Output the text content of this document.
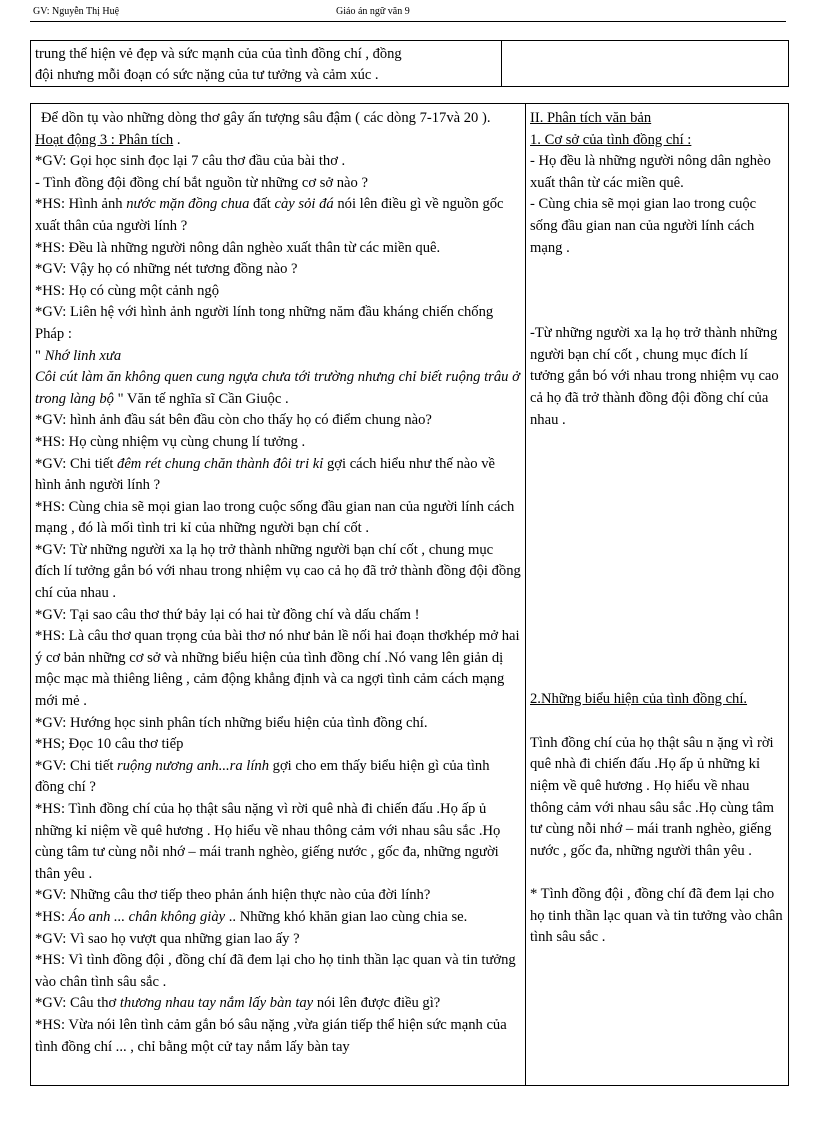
GV: Nguyễn Thị Huệ	Giáo án ngữ văn 9

trung thể hiện vẻ đẹp và sức mạnh của của tình đồng chí , đồng

đội nhưng mỗi đoạn có sức nặng của tư tưởng và cảm xúc .

Để dồn tụ vào những dòng thơ gây ấn tượng sâu đậm ( các dòng 7-17và 20 ).

Hoạt động 3 : Phân tích .

*GV: Gọi học sinh đọc lại 7 câu thơ đầu của bài thơ .

- Tình đồng đội đồng chí bắt nguồn từ những cơ sở nào ?

*HS: Hình ảnh nước mặn đồng chua đất cày sỏi đá nói lên điều gì về nguồn gốc xuất thân của người lính ?

*HS: Đều là những người nông dân nghèo xuất thân từ các miền quê.

*GV: Vậy họ có những nét tương đồng nào ?

*HS: Họ có cùng một cảnh ngộ

*GV: Liên hệ với hình ảnh người lính tong những năm đầu kháng chiến chống Pháp :

" Nhớ linh xưa

Côi cút làm ăn không quen cung ngựa chưa tới trường nhưng chỉ biết ruộng trâu ở trong làng bộ " Văn tế nghĩa sĩ Cần Giuộc .

*GV: hình ảnh đầu sát bên đầu còn cho thấy họ có điểm chung nào?

*HS: Họ cùng nhiệm vụ cùng chung lí tưởng .

*GV: Chi tiết đêm rét chung chăn thành đôi tri kỉ gợi cách hiểu như thế nào về hình ảnh người lính ?

*HS: Cùng chia sẽ mọi gian lao trong cuộc sống đầu gian nan của người lính cách mạng , đó là mối tình tri kỉ của những người bạn chí cốt .

*GV: Từ những người xa lạ họ trở thành những người bạn chí cốt , chung mục đích lí tưởng gắn bó với nhau trong nhiệm vụ cao cả họ đã trở thành đồng đội đồng chí của nhau .

*GV: Tại sao câu thơ thứ bảy lại có hai từ đồng chí và dấu chấm !

*HS: Là câu thơ quan trọng của bài thơ nó như bản lề nối hai đoạn thơkhép mở hai ý cơ bản những cơ sở và những biểu hiện của tình đồng chí .Nó vang lên giản dị mộc mạc mà thiêng liêng , cảm động khẳng định và ca ngợi tình cảm cách mạng mới mẻ .

*GV: Hướng học sinh phân tích những biểu hiện của tình đồng chí.

*HS; Đọc 10 câu thơ tiếp

*GV: Chi tiết ruộng nương anh...ra lính gợi cho em thấy biểu hiện gì của tình đồng chí ?

*HS: Tình đồng chí của họ thật sâu nặng vì rời quê nhà đi chiến đấu .Họ ấp ủ những kỉ niệm về quê hương . Họ hiểu về nhau thông cảm với nhau sâu sắc .Họ cùng tâm tư cùng nỗi nhớ – mái tranh nghèo, giếng nước , gốc đa, những người thân yêu .

*GV: Những câu thơ tiếp theo phản ánh hiện thực nào của đời lính?

*HS: Áo anh ... chân không giày .. Những khó khăn gian lao cùng chia se.

*GV: Vì sao họ vượt qua những gian lao ấy ?

*HS: Vì tình đồng đội , đồng chí đã đem lại cho họ tinh thần lạc quan và tin tưởng vào chân tình sâu sắc .

*GV: Câu thơ thương nhau tay nắm lấy bàn tay nói lên được điều gì?

*HS: Vừa nói lên tình cảm gắn bó sâu nặng ,vừa gián tiếp thể hiện sức mạnh của tình đồng chí ... , chỉ bằng một cử tay nắm lấy bàn tay

II. Phân tích văn bản

1. Cơ sở của tình đồng chí :

- Họ đều là những người nông dân nghèo xuất thân từ các miền quê.

- Cùng chia sẽ mọi gian lao trong cuộc sống đầu gian nan của người lính cách mạng .

-Từ những người xa lạ họ trở thành những người bạn chí cốt , chung mục đích lí tưởng gắn bó với nhau trong nhiệm vụ cao cả họ đã trở thành đồng đội đồng chí của nhau .

2.Những biểu hiện của tình đồng chí.

Tình đồng chí của họ thật sâu n ặng vì rời quê nhà đi chiến đấu .Họ ấp ủ những kỉ niệm về quê hương . Họ hiểu về nhau thông cảm với nhau sâu sắc .Họ cùng tâm tư cùng nỗi nhớ – mái tranh nghèo, giếng nước , gốc đa, những người thân yêu .

* Tình đồng đội , đồng chí đã đem lại cho họ tinh thần lạc quan và tin tưởng vào chân tình sâu sắc .
